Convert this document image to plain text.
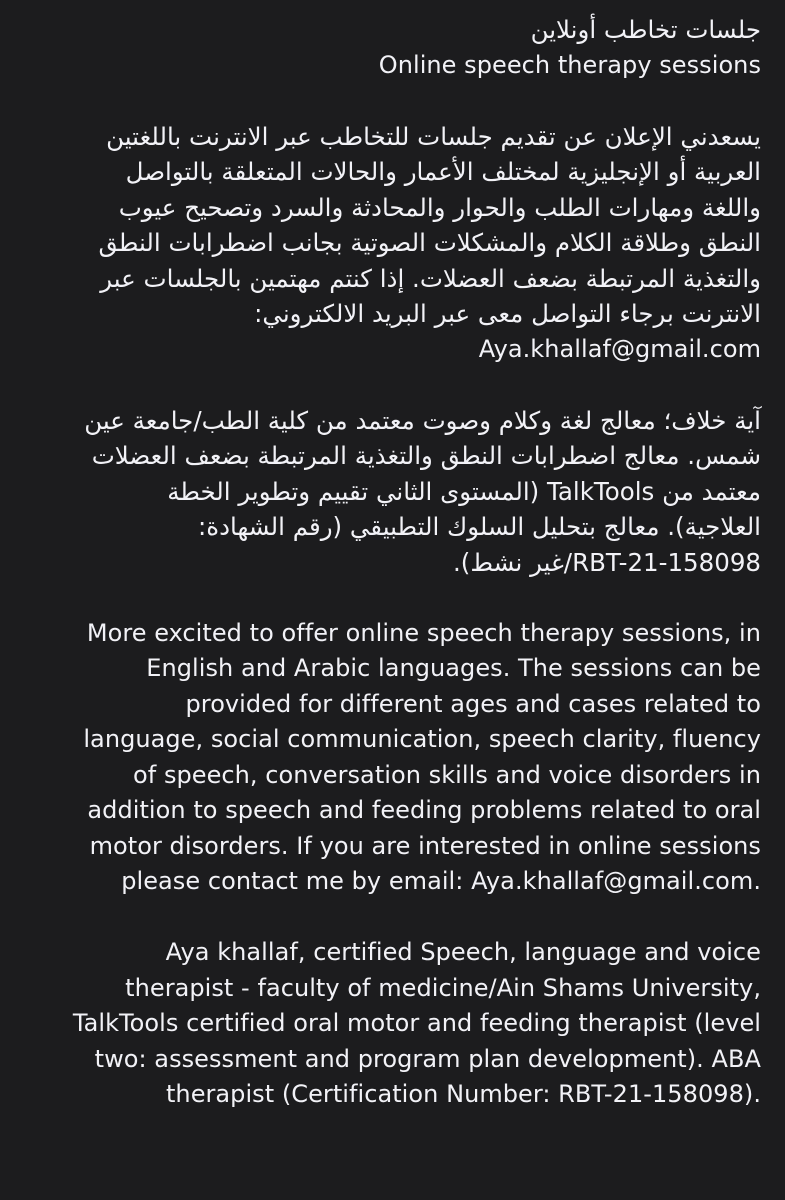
جلسات تخاطب أونلاين
Online speech therapy sessions
يسعدني الإعلان عن تقديم جلسات للتخاطب عبر الانترنت باللغتين
العربية أو الإنجليزية لمختلف الأعمار والحالات المتعلقة بالتواصل
واللغة ومهارات الطلب والحوار والمحادثة والسرد وتصحيح عيوب
النطق وطلاقة الكلام والمشكلات الصوتية بجانب اضطرابات النطق
والتغذية المرتبطة بضعف العضلات. إذا كنتم مهتمين بالجلسات عبر
الانترنت برجاء التواصل معى عبر البريد الالكتروني:
Aya.khallaf@gmail.com
آية خلاف؛ معالج لغة وكلام وصوت معتمد من كلية الطب/جامعة عين
شمس. معالج اضطرابات النطق والتغذية المرتبطة بضعف العضلات
معتمد من TalkTools (المستوى الثاني تقييم وتطوير الخطة
العلاجية). معالج بتحليل السلوك التطبيقي (رقم الشهادة:
RBT-21-158098/غير نشط).
More excited to offer online speech therapy sessions, in
English and Arabic languages. The sessions can be
provided for different ages and cases related to
language, social communication, speech clarity, fluency
of speech, conversation skills and voice disorders in
addition to speech and feeding problems related to oral
motor disorders. If you are interested in online sessions
please contact me by email: Aya.khallaf@gmail.com.
Aya khallaf, certified Speech, language and voice
therapist - faculty of medicine/Ain Shams University,
TalkTools certified oral motor and feeding therapist (level
two: assessment and program plan development). ABA
therapist (Certification Number: RBT-21-158098).
